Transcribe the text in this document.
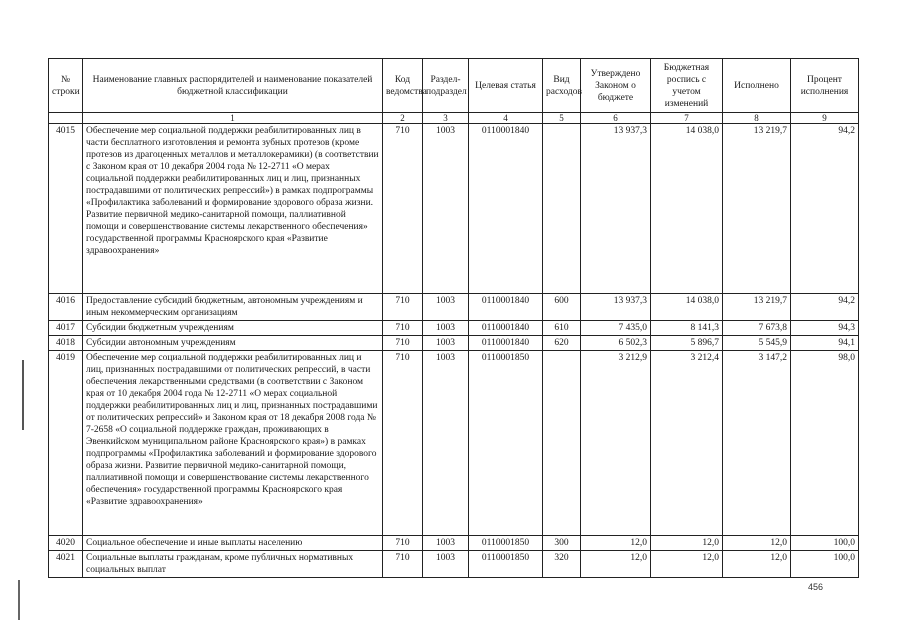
№ строки	Наименование главных распорядителей и наименование показателей бюджетной классификации	Код ведомства	Раздел-подраздел	Целевая статья	Вид расходов	Утверждено Законом о бюджете	Бюджетная роспись с учетом изменений	Исполнено	Процент исполнения
	1	2	3	4	5	6	7	8	9
4015	Обеспечение мер социальной поддержки реабилитированных лиц в части бесплатного изготовления и ремонта зубных протезов (кроме протезов из драгоценных металлов и металлокерамики) (в соответствии с Законом края от 10 декабря 2004 года № 12-2711 «О мерах социальной поддержки реабилитированных лиц и лиц, признанных пострадавшими от политических репрессий») в рамках подпрограммы «Профилактика заболеваний и формирование здорового образа жизни. Развитие первичной медико-санитарной помощи, паллиативной помощи и совершенствование системы лекарственного обеспечения» государственной программы Красноярского края «Развитие здравоохранения»	710	1003	0110001840		13 937,3	14 038,0	13 219,7	94,2
4016	Предоставление субсидий бюджетным, автономным учреждениям и иным некоммерческим организациям	710	1003	0110001840	600	13 937,3	14 038,0	13 219,7	94,2
4017	Субсидии бюджетным учреждениям	710	1003	0110001840	610	7 435,0	8 141,3	7 673,8	94,3
4018	Субсидии автономным учреждениям	710	1003	0110001840	620	6 502,3	5 896,7	5 545,9	94,1
4019	Обеспечение мер социальной поддержки реабилитированных лиц и лиц, признанных пострадавшими от политических репрессий, в части обеспечения лекарственными средствами (в соответствии с Законом края от 10 декабря 2004 года № 12-2711 «О мерах социальной поддержки реабилитированных лиц и лиц, признанных пострадавшими от политических репрессий» и Законом края от 18 декабря 2008 года № 7-2658 «О социальной поддержке граждан, проживающих в Эвенкийском муниципальном районе Красноярского края») в рамках подпрограммы «Профилактика заболеваний и формирование здорового образа жизни. Развитие первичной медико-санитарной помощи, паллиативной помощи и совершенствование системы лекарственного обеспечения» государственной программы Красноярского края «Развитие здравоохранения»	710	1003	0110001850		3 212,9	3 212,4	3 147,2	98,0
4020	Социальное обеспечение и иные выплаты населению	710	1003	0110001850	300	12,0	12,0	12,0	100,0
4021	Социальные выплаты гражданам, кроме публичных нормативных социальных выплат	710	1003	0110001850	320	12,0	12,0	12,0	100,0
456
